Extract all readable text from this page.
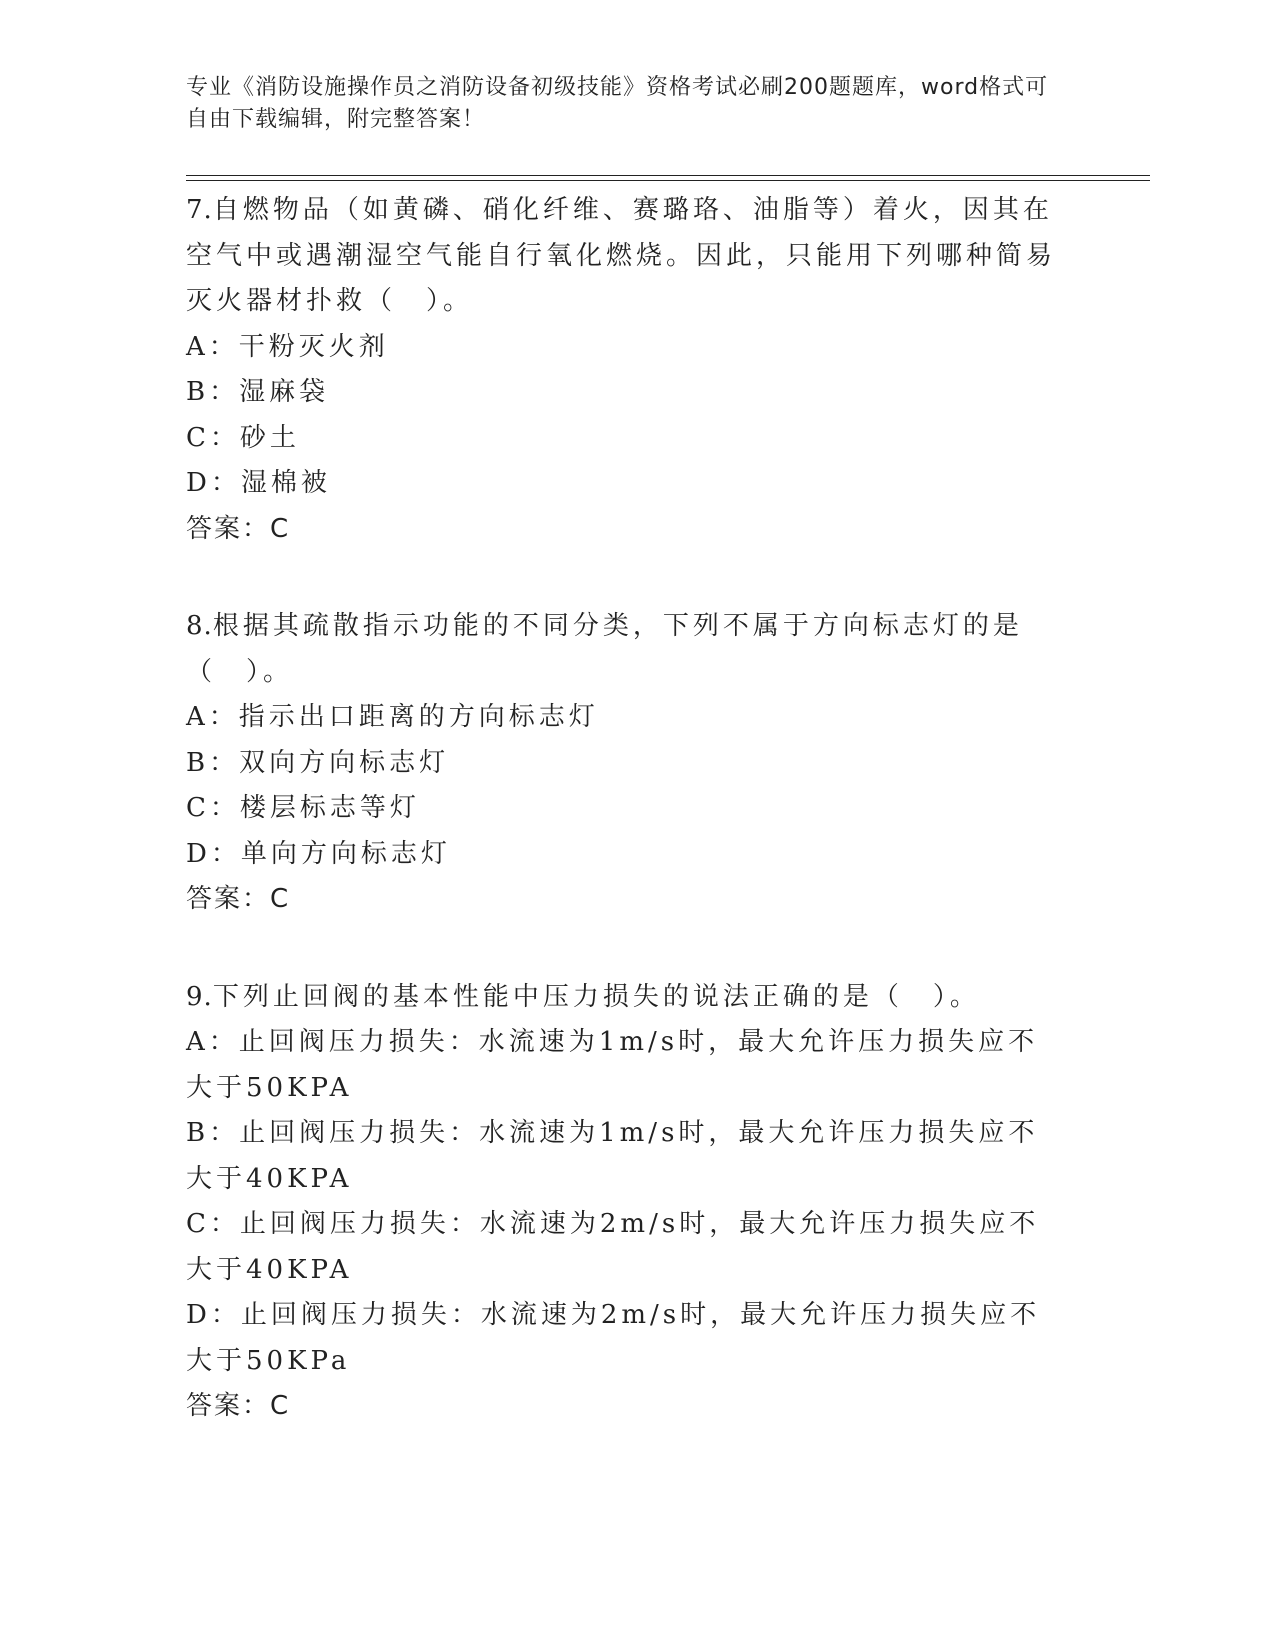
专业《消防设施操作员之消防设备初级技能》资格考试必刷200题题库，word格式可自由下载编辑，附完整答案！

7.自燃物品（如黄磷、硝化纤维、赛璐珞、油脂等）着火，因其在空气中或遇潮湿空气能自行氧化燃烧。因此，只能用下列哪种简易灭火器材扑救（　）。

A：干粉灭火剂

B：湿麻袋

C：砂土

D：湿棉被

答案：C

8.根据其疏散指示功能的不同分类，下列不属于方向标志灯的是（　）。

A：指示出口距离的方向标志灯

B：双向方向标志灯

C：楼层标志等灯

D：单向方向标志灯

答案：C

9.下列止回阀的基本性能中压力损失的说法正确的是（　）。

A：止回阀压力损失：水流速为1m/s时，最大允许压力损失应不大于50KPA

B：止回阀压力损失：水流速为1m/s时，最大允许压力损失应不大于40KPA

C：止回阀压力损失：水流速为2m/s时，最大允许压力损失应不大于40KPA

D：止回阀压力损失：水流速为2m/s时，最大允许压力损失应不大于50KPa

答案：C
